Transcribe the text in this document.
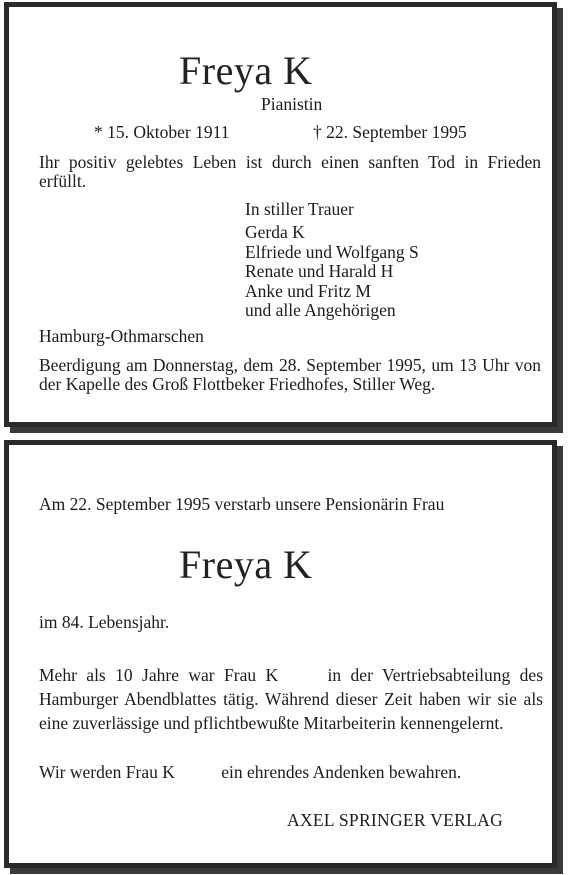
Freya K
Pianistin
* 15. Oktober 1911	† 22. September 1995
Ihr positiv gelebtes Leben ist durch einen sanften Tod in Frieden erfüllt.
In stiller Trauer
Gerda K
Elfriede und Wolfgang S
Renate und Harald H
Anke und Fritz M
und alle Angehörigen
Hamburg-Othmarschen
Beerdigung am Donnerstag, dem 28. September 1995, um 13 Uhr von der Kapelle des Groß Flottbeker Friedhofes, Stiller Weg.
Am 22. September 1995 verstarb unsere Pensionärin Frau
Freya K
im 84. Lebensjahr.
Mehr als 10 Jahre war Frau K	in der Vertriebsabteilung des Hamburger Abendblattes tätig. Während dieser Zeit haben wir sie als eine zuverlässige und pflichtbewußte Mitarbeiterin kennengelernt.
Wir werden Frau K	ein ehrendes Andenken bewahren.
AXEL SPRINGER VERLAG
